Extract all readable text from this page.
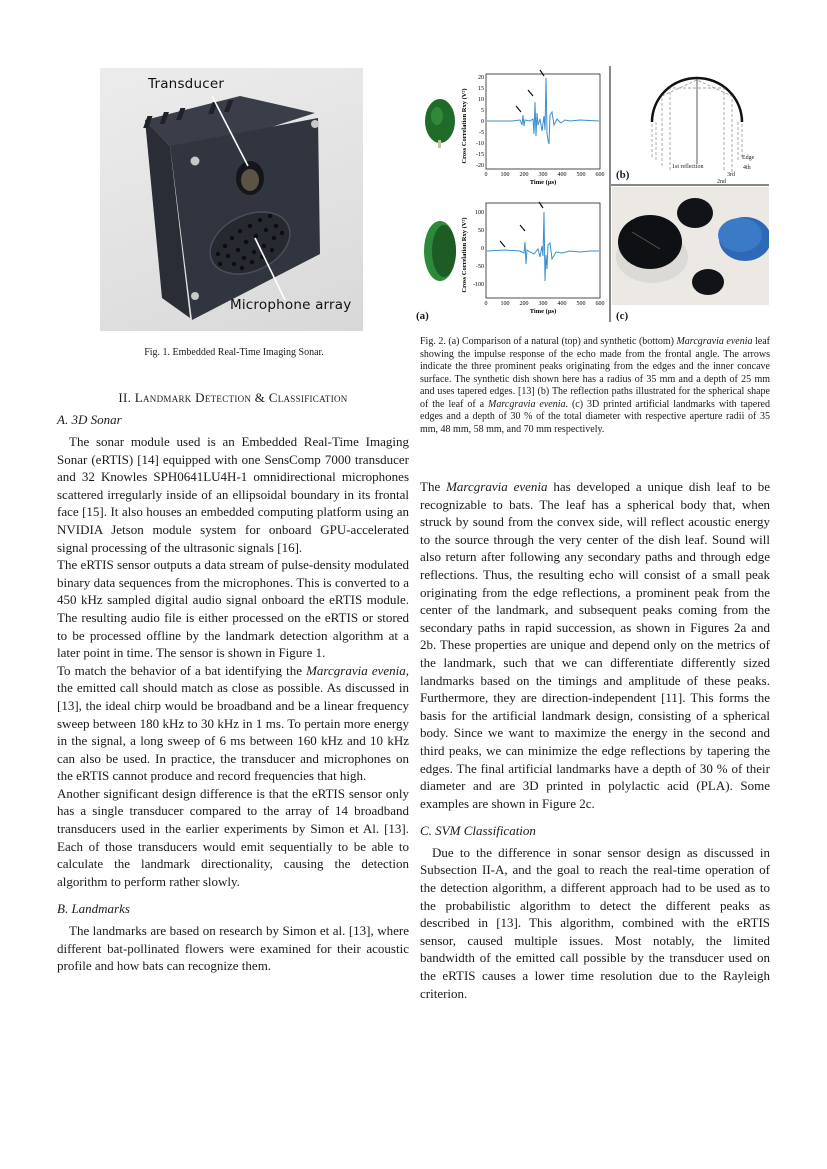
Transducer
Microphone array
Fig. 1. Embedded Real-Time Imaging Sonar.
II. Landmark Detection & Classification
A. 3D Sonar

The sonar module used is an Embedded Real-Time Imaging Sonar (eRTIS) [14] equipped with one SensComp 7000 transducer and 32 Knowles SPH0641LU4H-1 omnidirectional microphones scattered irregularly inside of an ellipsoidal boundary in its frontal face [15]. It also houses an embedded computing platform using an NVIDIA Jetson module system for onboard GPU-accelerated signal processing of the ultrasonic signals [16].

The eRTIS sensor outputs a data stream of pulse-density modulated binary data sequences from the microphones. This is converted to a 450 kHz sampled digital audio signal onboard the eRTIS module. The resulting audio file is either processed on the eRTIS or stored to be processed offline by the landmark detection algorithm at a later point in time. The sensor is shown in Figure 1.

To match the behavior of a bat identifying the Marcgravia evenia, the emitted call should match as close as possible. As discussed in [13], the ideal chirp would be broadband and be a linear frequency sweep between 180 kHz to 30 kHz in 1 ms. To pertain more energy in the signal, a long sweep of 6 ms between 160 kHz and 10 kHz can also be used. In practice, the transducer and microphones on the eRTIS cannot produce and record frequencies that high.

Another significant design difference is that the eRTIS sensor only has a single transducer compared to the array of 14 broadband transducers used in the earlier experiments by Simon et Al. [13]. Each of those transducers would emit sequentially to be able to calculate the landmark directionality, causing the detection algorithm to perform rather slowly.

B. Landmarks

The landmarks are based on research by Simon et al. [13], where different bat-pollinated flowers were examined for their acoustic profile and how bats can recognize them.

Cross Correlation Rxy (V²)
20
15
10
5
0
-5
-10
-15
-20
0 100 200 300 400 500 600
Time (µs)
Cross Correlation Rxy (V²)
100
50
0
-50
-100
0 100 200 300 400 500 600
Time (µs)
(a)
1st reflection
2nd
3rd
4th
Edge
(b)
(c)
Fig. 2. (a) Comparison of a natural (top) and synthetic (bottom) Marcgravia evenia leaf showing the impulse response of the echo made from the frontal angle. The arrows indicate the three prominent peaks originating from the edges and the inner concave surface. The synthetic dish shown here has a radius of 35 mm and a depth of 25 mm and uses tapered edges. [13] (b) The reflection paths illustrated for the spherical shape of the leaf of a Marcgravia evenia. (c) 3D printed artificial landmarks with tapered edges and a depth of 30 % of the total diameter with respective aperture radii of 35 mm, 48 mm, 58 mm, and 70 mm respectively.

The Marcgravia evenia has developed a unique dish leaf to be recognizable to bats. The leaf has a spherical body that, when struck by sound from the convex side, will reflect acoustic energy to the source through the very center of the dish leaf. Sound will also return after following any secondary paths and through edge reflections. Thus, the resulting echo will consist of a small peak originating from the edge reflections, a prominent peak from the center of the landmark, and subsequent peaks coming from the secondary paths in rapid succession, as shown in Figures 2a and 2b. These properties are unique and depend only on the metrics of the landmark, such that we can differentiate differently sized landmarks based on the timings and amplitude of these peaks. Furthermore, they are direction-independent [11]. This forms the basis for the artificial landmark design, consisting of a spherical body. Since we want to maximize the energy in the second and third peaks, we can minimize the edge reflections by tapering the edges. The final artificial landmarks have a depth of 30 % of their diameter and are 3D printed in polylactic acid (PLA). Some examples are shown in Figure 2c.

C. SVM Classification

Due to the difference in sonar sensor design as discussed in Subsection II-A, and the goal to reach the real-time operation of the detection algorithm, a different approach had to be used as to the probabilistic algorithm to detect the different peaks as described in [13]. This algorithm, combined with the eRTIS sensor, caused multiple issues. Most notably, the limited bandwidth of the emitted call possible by the transducer used on the eRTIS causes a lower time resolution due to the Rayleigh criterion.
